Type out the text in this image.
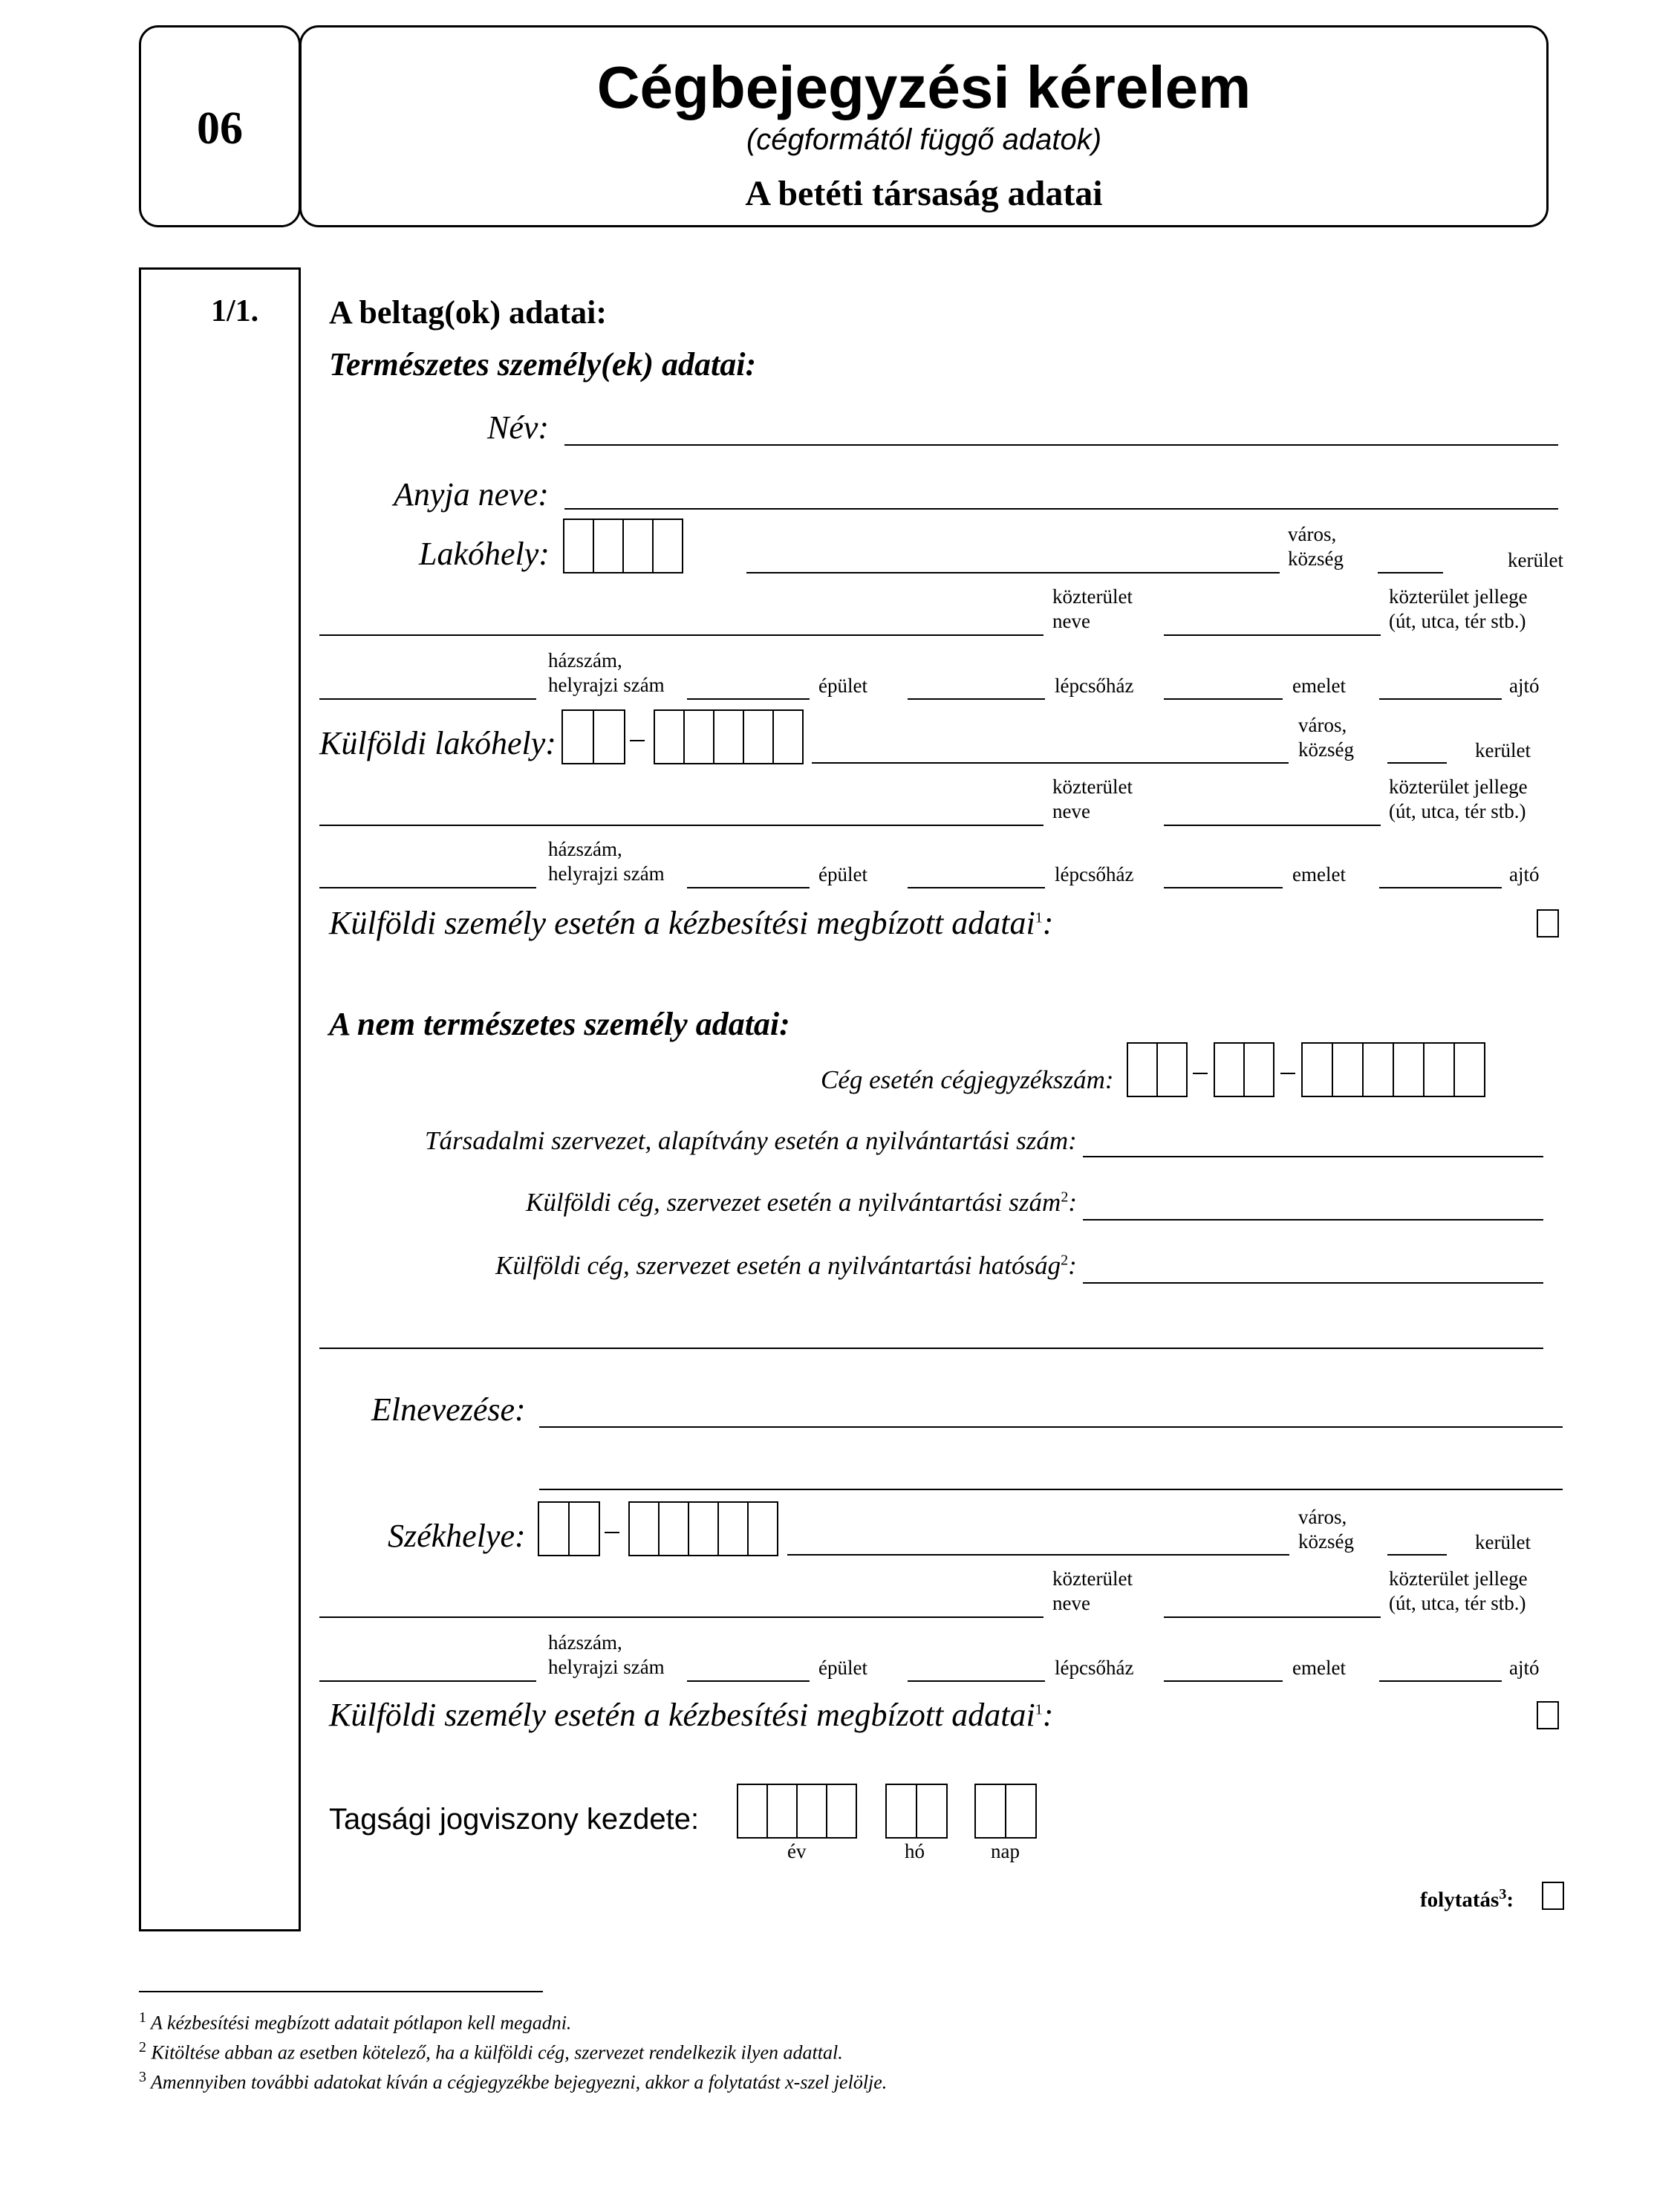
06
Cégbejegyzési kérelem
(cégformától függő adatok)
A betéti társaság adatai
1/1. A beltag(ok) adatai:
Természetes személy(ek) adatai:
Név:
Anyja neve:
Lakóhely:
város,
község	kerület
közterület
neve
közterület jellege
(út, utca, tér stb.)
házszám,
helyrajzi szám	épület	lépcsőház	emelet	ajtó
Külföldi lakóhely:	város,
község	kerület
közterület
neve
közterület jellege
(út, utca, tér stb.)
házszám,
helyrajzi szám	épület	lépcsőház	emelet	ajtó
Külföldi személy esetén a kézbesítési megbízott adatai$^1$:
A nem természetes személy adatai:
Cég esetén cégjegyzékszám:
Társadalmi szervezet, alapítvány esetén a nyilvántartási szám:
Külföldi cég, szervezet esetén a nyilvántartási szám$^2$:
Külföldi cég, szervezet esetén a nyilvántartási hatóság$^2$:
Elnevezése:
Székhelye:
város,
község	kerület
közterület
neve
közterület jellege
(út, utca, tér stb.)
házszám,
helyrajzi szám	épület	lépcsőház	emelet	ajtó
Külföldi személy esetén a kézbesítési megbízott adatai$^1$:
Tagsági jogviszony kezdete:
év	hó	nap
folytatás$^3$:
$^1$ A kézbesítési megbízott adatait pótlapon kell megadni.
$^2$ Kitöltése abban az esetben kötelező, ha a külföldi cég, szervezet rendelkezik ilyen adattal.
$^3$ Amennyiben további adatokat kíván a cégjegyzékbe bejegyezni, akkor a folytatást x-szel jelölje.
